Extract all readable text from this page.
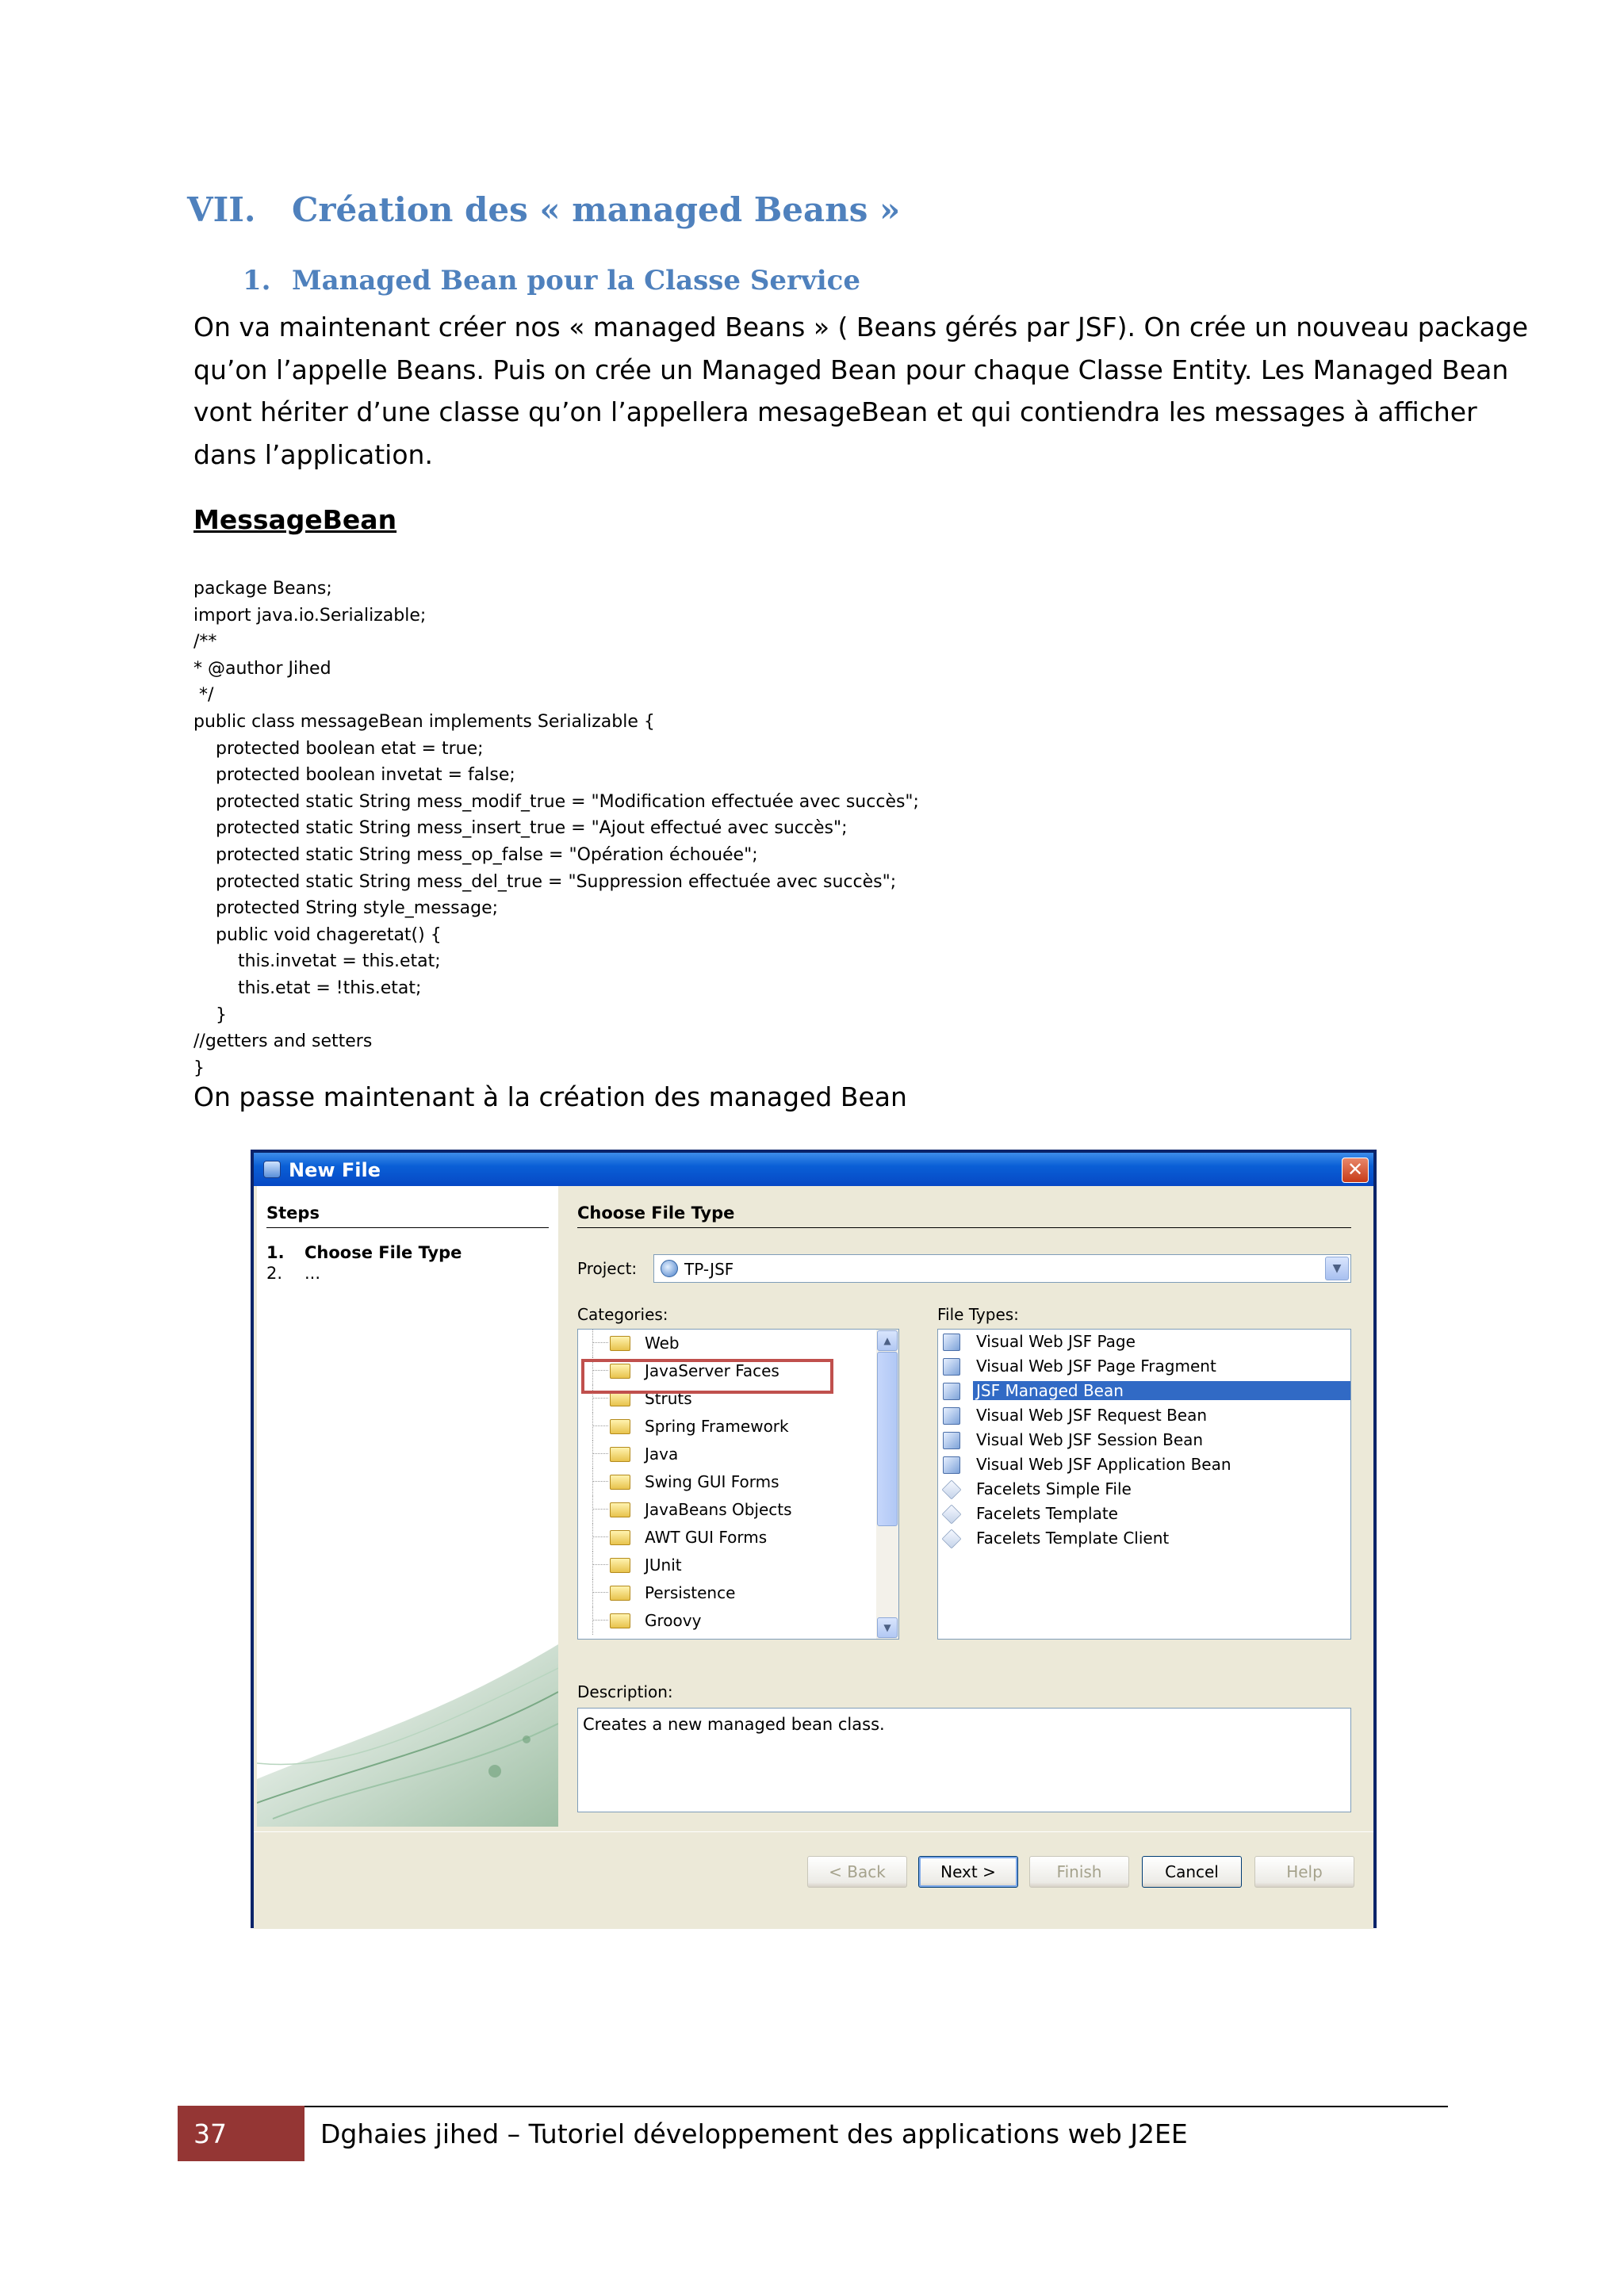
VII. Création des « managed Beans »
1. Managed Bean pour la Classe Service
On va maintenant créer nos « managed Beans » ( Beans gérés par JSF). On crée un nouveau package
qu’on l’appelle Beans. Puis on crée un Managed Bean pour chaque Classe Entity. Les Managed Bean
vont hériter d’une classe qu’on l’appellera mesageBean et qui contiendra les messages à afficher
dans l’application.
MessageBean
package Beans;
import java.io.Serializable;
/**
* @author Jihed
*/
public class messageBean implements Serializable {
protected boolean etat = true;
protected boolean invetat = false;
protected static String mess_modif_true = "Modification effectuée avec succès";
protected static String mess_insert_true = "Ajout effectué avec succès";
protected static String mess_op_false = "Opération échouée";
protected static String mess_del_true = "Suppression effectuée avec succès";
protected String style_message;
public void chageretat() {
this.invetat = this.etat;
this.etat = !this.etat;
}
//getters and setters
}
On passe maintenant à la création des managed Bean
New File	✕
Steps
1. Choose File Type
2. ...
Choose File Type
Project:	TP-JSF	▼
Categories:	File Types:
Web
JavaServer Faces
Struts
Spring Framework
Java
Swing GUI Forms
JavaBeans Objects
AWT GUI Forms
JUnit
Persistence
Groovy
▲
▼
Visual Web JSF Page
Visual Web JSF Page Fragment
JSF Managed Bean
Visual Web JSF Request Bean
Visual Web JSF Session Bean
Visual Web JSF Application Bean
Facelets Simple File
Facelets Template
Facelets Template Client
Description:
Creates a new managed bean class.
< Back	Next >	Finish	Cancel	Help
37	Dghaies jihed – Tutoriel développement des applications web J2EE
